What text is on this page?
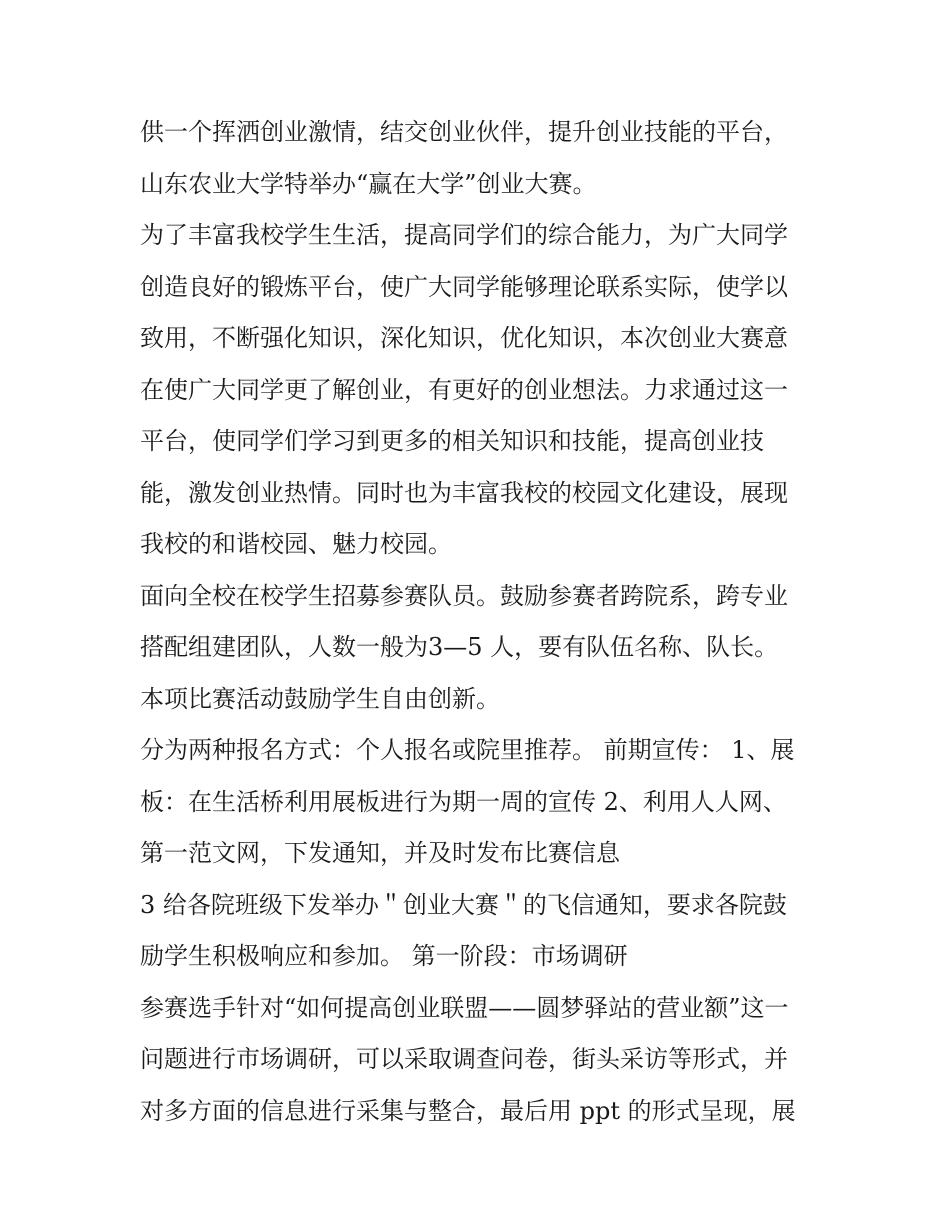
供一个挥洒创业激情，结交创业伙伴，提升创业技能的平台，
山东农业大学特举办“赢在大学”创业大赛。
为了丰富我校学生生活，提高同学们的综合能力，为广大同学
创造良好的锻炼平台，使广大同学能够理论联系实际，使学以
致用，不断强化知识，深化知识，优化知识，本次创业大赛意
在使广大同学更了解创业，有更好的创业想法。力求通过这一
平台，使同学们学习到更多的相关知识和技能，提高创业技
能，激发创业热情。同时也为丰富我校的校园文化建设，展现
我校的和谐校园、魅力校园。
面向全校在校学生招募参赛队员。鼓励参赛者跨院系，跨专业
搭配组建团队，人数一般为3—5 人，要有队伍名称、队长。
本项比赛活动鼓励学生自由创新。
分为两种报名方式：个人报名或院里推荐。 前期宣传： 1、展
板：在生活桥利用展板进行为期一周的宣传 2、利用人人网、
第一范文网，下发通知，并及时发布比赛信息
3 给各院班级下发举办＂创业大赛＂的飞信通知，要求各院鼓
励学生积极响应和参加。 第一阶段：市场调研
参赛选手针对“如何提高创业联盟——圆梦驿站的营业额”这一
问题进行市场调研，可以采取调查问卷，街头采访等形式，并
对多方面的信息进行采集与整合，最后用 ppt 的形式呈现，展
